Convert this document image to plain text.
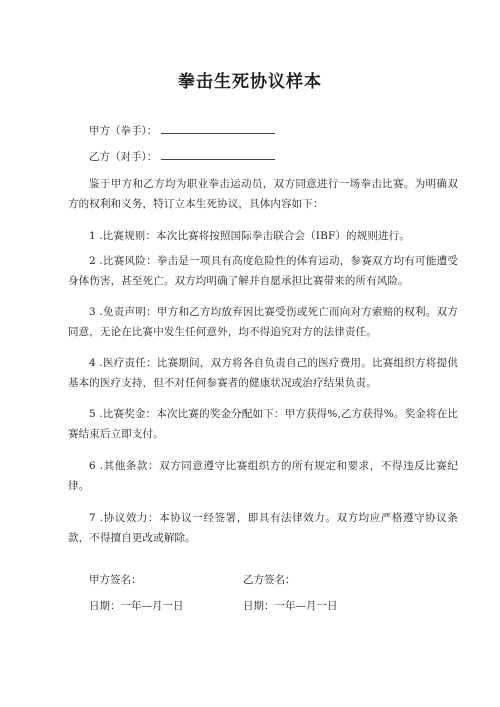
拳击生死协议样本
甲方（拳手）：
乙方（对手）：
鉴于甲方和乙方均为职业拳击运动员，双方同意进行一场拳击比赛。为明确双方的权利和义务，特订立本生死协议，具体内容如下：
1 .比赛规则：本次比赛将按照国际拳击联合会（IBF）的规则进行。
2 .比赛风险：拳击是一项具有高度危险性的体育运动，参赛双方均有可能遭受身体伤害，甚至死亡。双方均明确了解并自愿承担比赛带来的所有风险。
3 .免责声明：甲方和乙方均放弃因比赛受伤或死亡而向对方索赔的权利。双方同意，无论在比赛中发生任何意外，均不得追究对方的法律责任。
4 .医疗责任：比赛期间，双方将各自负责自己的医疗费用。比赛组织方将提供基本的医疗支持，但不对任何参赛者的健康状况或治疗结果负责。
5 .比赛奖金：本次比赛的奖金分配如下：甲方获得%,乙方获得%。奖金将在比赛结束后立即支付。
6 .其他条款：双方同意遵守比赛组织方的所有规定和要求，不得违反比赛纪律。
7 .协议效力：本协议一经签署，即具有法律效力。双方均应严格遵守协议条款，不得擅自更改或解除。
甲方签名：	乙方签名：
日期：一年—月一日	日期：一年—月一日
